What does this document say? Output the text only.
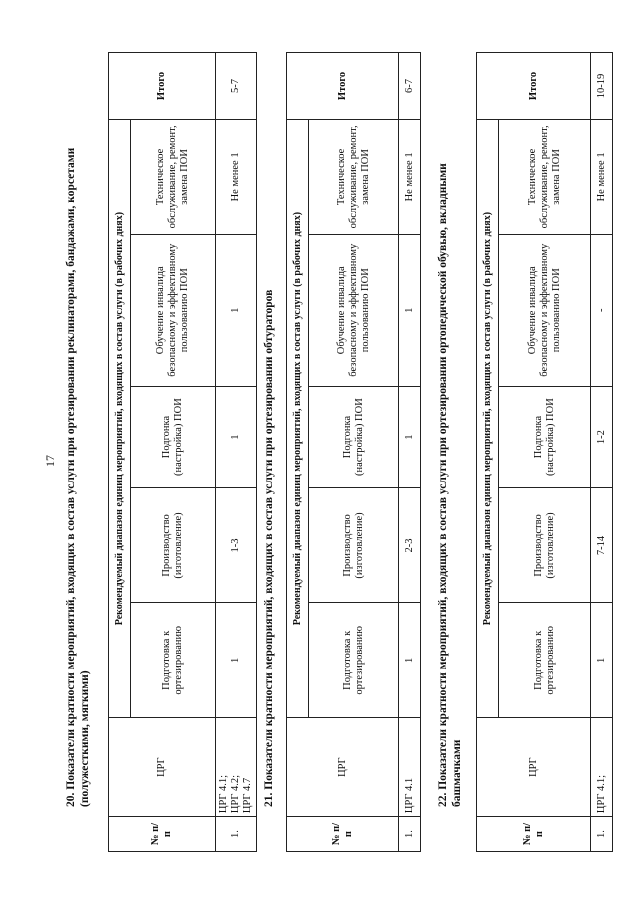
17 20. Показатели кратности мероприятий, входящих в состав услуги при ортезировании реклинаторами, бандажами, корсетами (полужесткими, мягкими)
№ п/п	ЦРГ	Рекомендуемый диапазон единиц мероприятий, входящих в состав услуги (в рабочих днях)					Итого
		Подготовка к ортезированию	Производство (изготовление)	Подгонка (настройка) ПОИ	Обучение инвалида безопасному и эффективному пользованию ПОИ	Техническое обслуживание, ремонт, замена ПОИ	
1.	ЦРГ 4.1; ЦРГ 4.2; ЦРГ 4.7	1	1-3	1	1	Не менее 1	5-7
21. Показатели кратности мероприятий, входящих в состав услуги при ортезировании обтураторов
№ п/п	ЦРГ	Рекомендуемый диапазон единиц мероприятий, входящих в состав услуги (в рабочих днях)					Итого
		Подготовка к ортезированию	Производство (изготовление)	Подгонка (настройка) ПОИ	Обучение инвалида безопасному и эффективному пользованию ПОИ	Техническое обслуживание, ремонт, замена ПОИ	
1.	ЦРГ 4.1	1	2-3	1	1	Не менее 1	6-7
22. Показатели кратности мероприятий, входящих в состав услуги при ортезировании ортопедической обувью, вкладными башмачками
№ п/п	ЦРГ	Рекомендуемый диапазон единиц мероприятий, входящих в состав услуги (в рабочих днях)					Итого
		Подготовка к ортезированию	Производство (изготовление)	Подгонка (настройка) ПОИ	Обучение инвалида безопасному и эффективному пользованию ПОИ	Техническое обслуживание, ремонт, замена ПОИ	
1.	ЦРГ 4.1;	1	7-14	1-2	-	Не менее 1	10-19
